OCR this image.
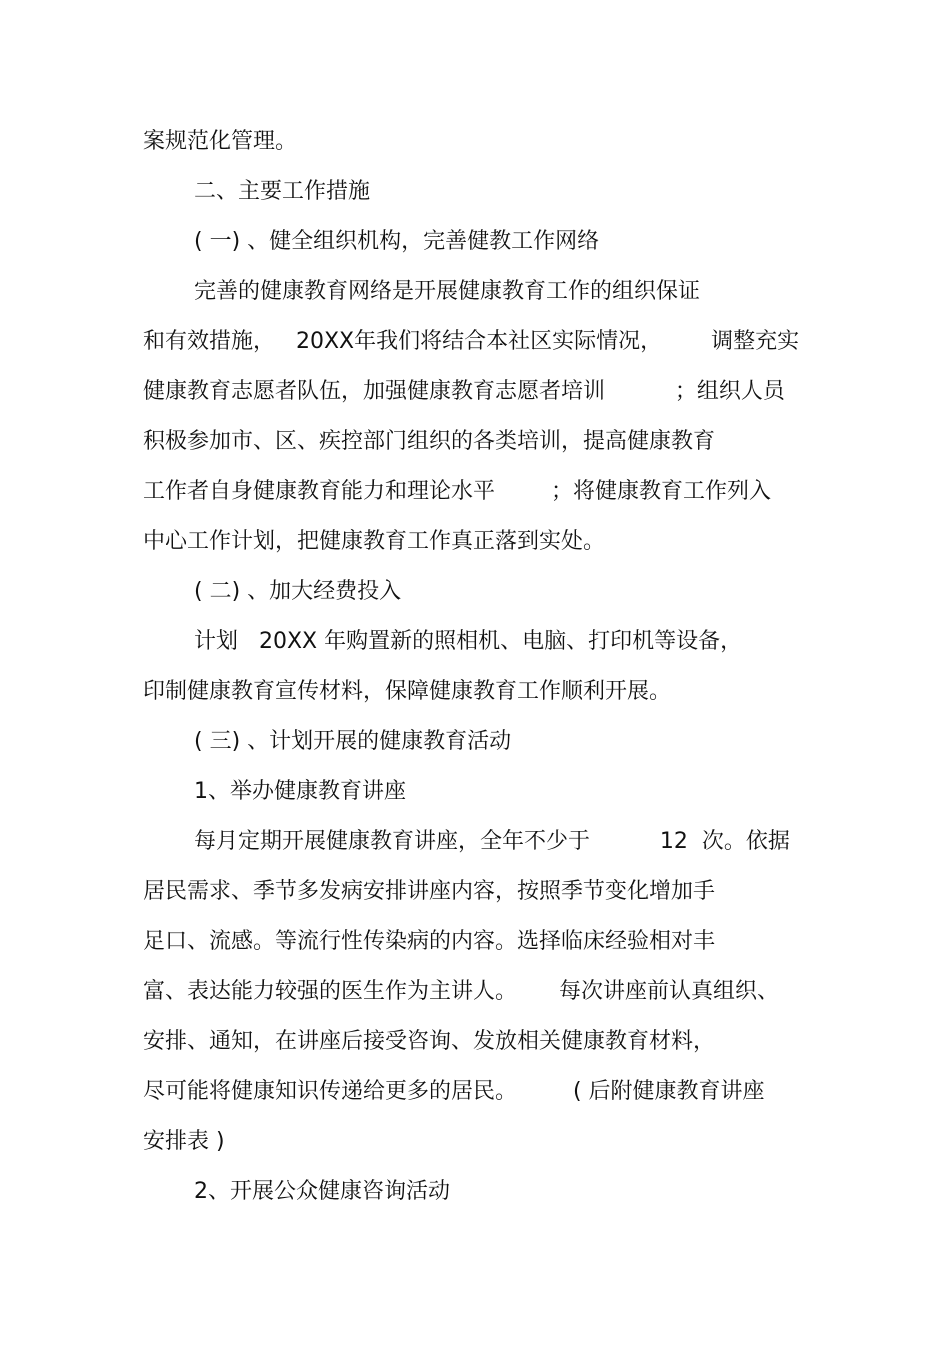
案规范化管理。
二、主要工作措施
( 一) 、健全组织机构，完善健教工作网络
完善的健康教育网络是开展健康教育工作的组织保证
和有效措施，   20XX年我们将结合本社区实际情况，       调整充实
健康教育志愿者队伍，加强健康教育志愿者培训          ；组织人员
积极参加市、区、疾控部门组织的各类培训，提高健康教育
工作者自身健康教育能力和理论水平        ；将健康教育工作列入
中心工作计划，把健康教育工作真正落到实处。
( 二) 、加大经费投入
计划   20XX 年购置新的照相机、电脑、打印机等设备，
印制健康教育宣传材料，保障健康教育工作顺利开展。
( 三) 、计划开展的健康教育活动
1、举办健康教育讲座
每月定期开展健康教育讲座，全年不少于          12  次。依据
居民需求、季节多发病安排讲座内容，按照季节变化增加手
足口、流感。等流行性传染病的内容。选择临床经验相对丰
富、表达能力较强的医生作为主讲人。      每次讲座前认真组织、
安排、通知，在讲座后接受咨询、发放相关健康教育材料，
尽可能将健康知识传递给更多的居民。        ( 后附健康教育讲座
安排表 )
2、开展公众健康咨询活动
